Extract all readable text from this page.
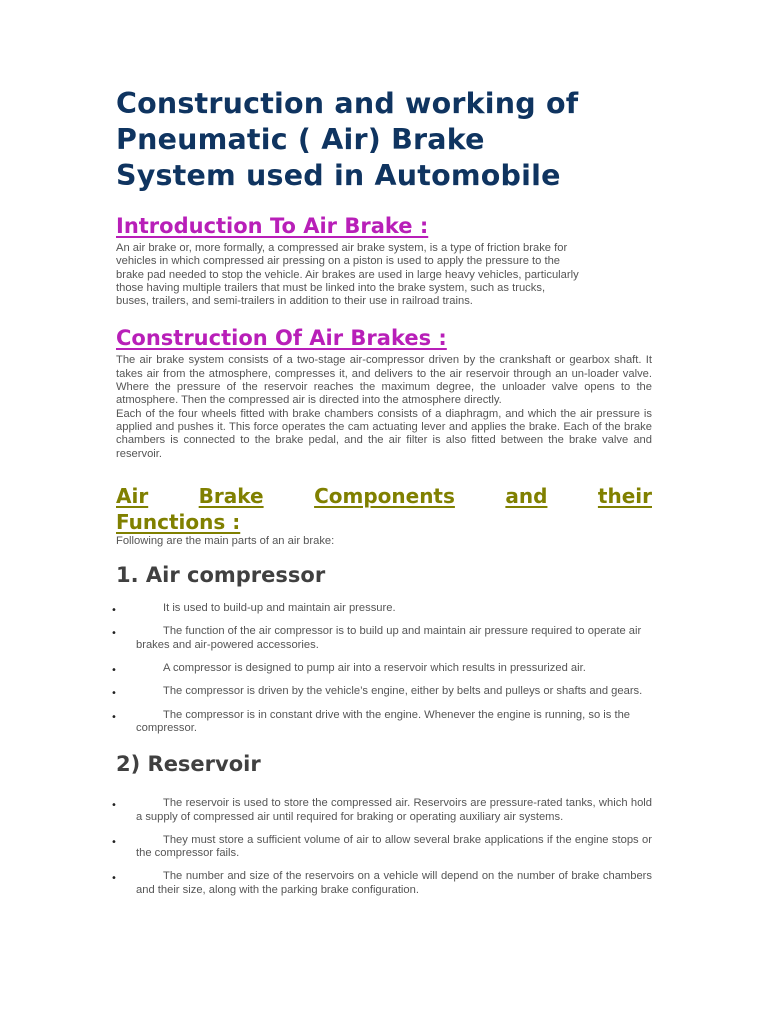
Construction and working of
Pneumatic ( Air) Brake
System used in Automobile
Introduction To Air Brake :

An air brake or, more formally, a compressed air brake system, is a type of friction brake for
vehicles in which compressed air pressing on a piston is used to apply the pressure to the
brake pad needed to stop the vehicle. Air brakes are used in large heavy vehicles, particularly
those having multiple trailers that must be linked into the brake system, such as trucks,
buses, trailers, and semi-trailers in addition to their use in railroad trains.

Construction Of Air Brakes :

The air brake system consists of a two-stage air-compressor driven by the crankshaft or gearbox shaft. It takes air from the atmosphere, compresses it, and delivers to the air reservoir through an un-loader valve. Where the pressure of the reservoir reaches the maximum degree, the unloader valve opens to the atmosphere. Then the compressed air is directed into the atmosphere directly.

Each of the four wheels fitted with brake chambers consists of a diaphragm, and which the air pressure is applied and pushes it. This force operates the cam actuating lever and applies the brake. Each of the brake chambers is connected to the brake pedal, and the air filter is also fitted between the brake valve and reservoir.

Air	Brake	Components	and	their
Functions :

Following are the main parts of an air brake:

1. Air compressor
•	It is used to build-up and maintain air pressure.
•	The function of the air compressor is to build up and maintain air pressure required to operate air brakes and air-powered accessories.
•	A compressor is designed to pump air into a reservoir which results in pressurized air.
•	The compressor is driven by the vehicle’s engine, either by belts and pulleys or shafts and gears.
•	The compressor is in constant drive with the engine. Whenever the engine is running, so is the compressor.
2) Reservoir
•	The reservoir is used to store the compressed air. Reservoirs are pressure-rated tanks, which hold a supply of compressed air until required for braking or operating auxiliary air systems.
•	They must store a sufficient volume of air to allow several brake applications if the engine stops or the compressor fails.
•	The number and size of the reservoirs on a vehicle will depend on the number of brake chambers and their size, along with the parking brake configuration.
